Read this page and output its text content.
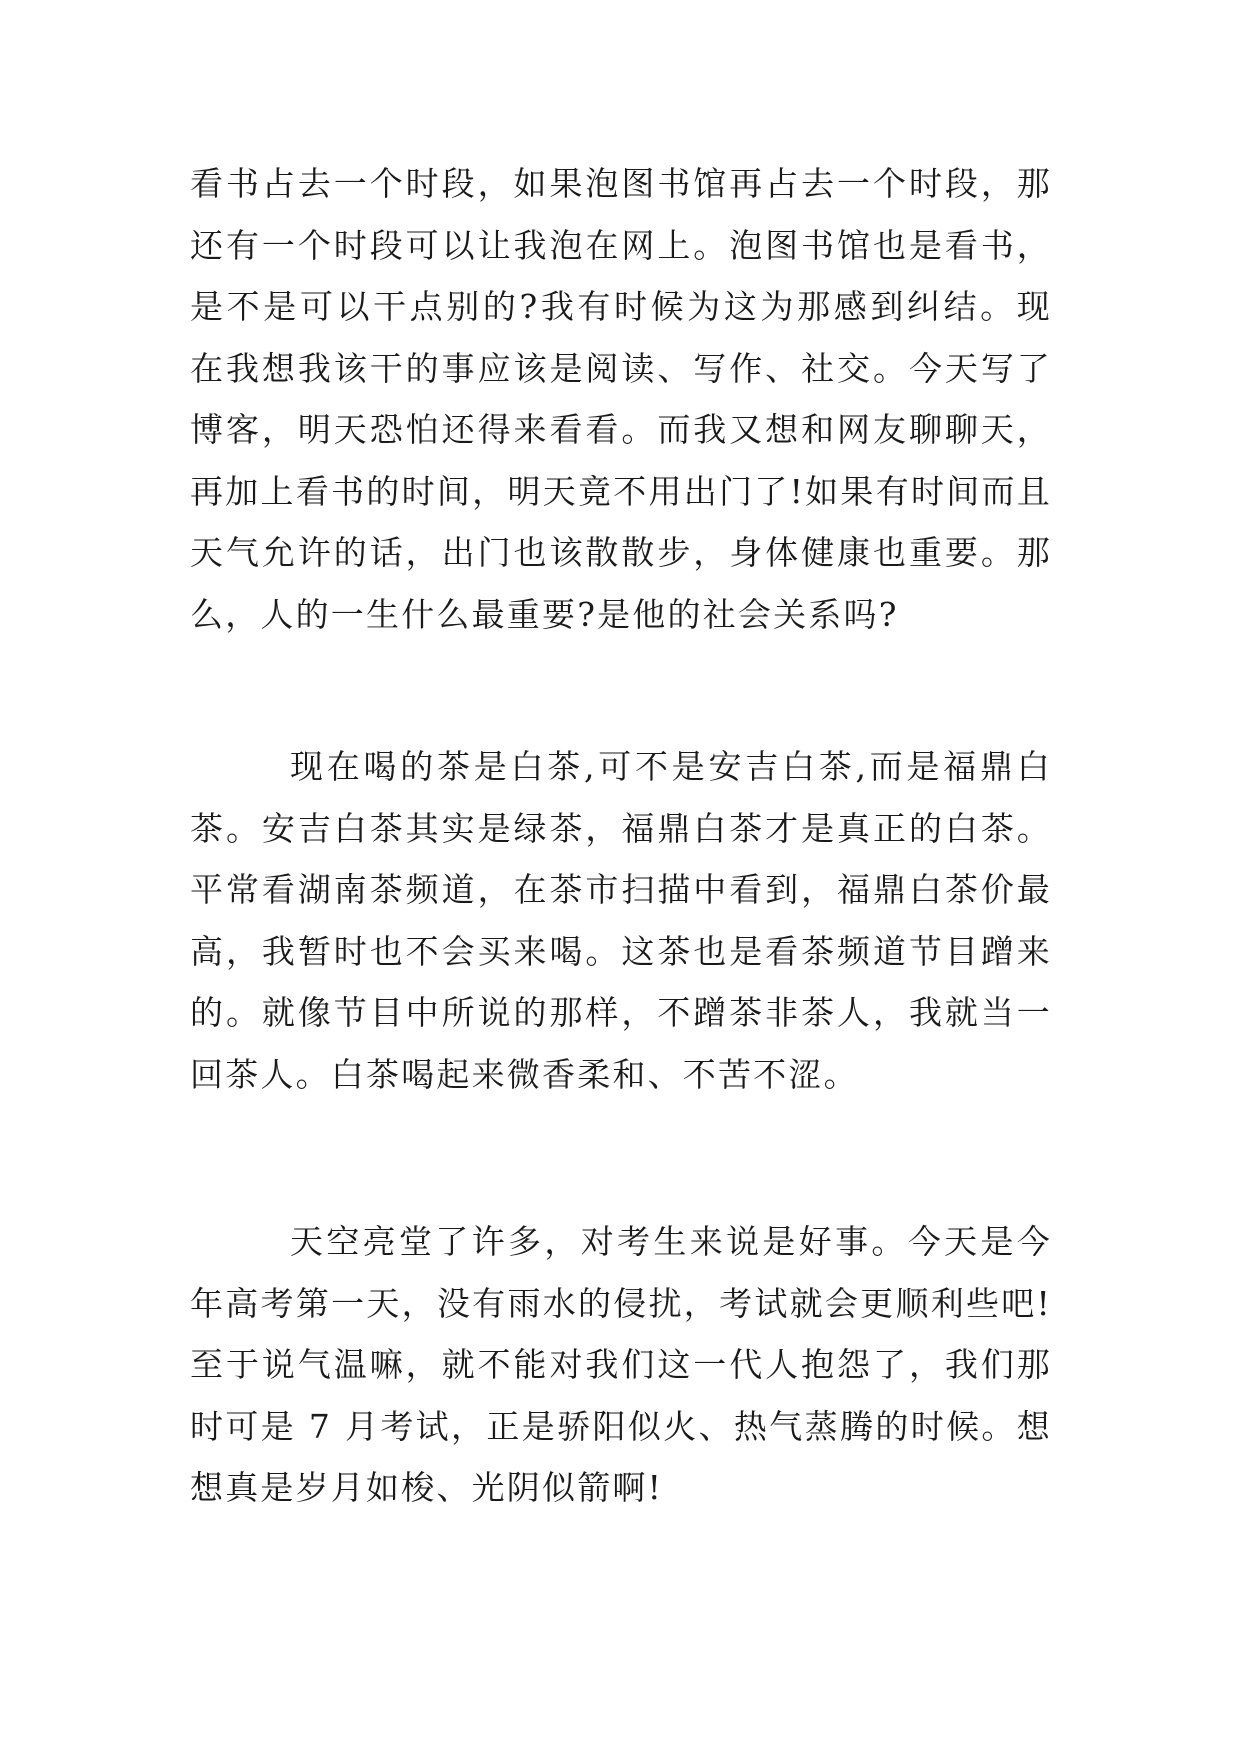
看书占去一个时段，如果泡图书馆再占去一个时段，那还有一个时段可以让我泡在网上。泡图书馆也是看书，是不是可以干点别的?我有时候为这为那感到纠结。现在我想我该干的事应该是阅读、写作、社交。今天写了博客，明天恐怕还得来看看。而我又想和网友聊聊天，再加上看书的时间，明天竟不用出门了!如果有时间而且天气允许的话，出门也该散散步，身体健康也重要。那么，人的一生什么最重要?是他的社会关系吗?

现在喝的茶是白茶,可不是安吉白茶,而是福鼎白茶。安吉白茶其实是绿茶，福鼎白茶才是真正的白茶。平常看湖南茶频道，在茶市扫描中看到，福鼎白茶价最高，我暂时也不会买来喝。这茶也是看茶频道节目蹭来的。就像节目中所说的那样，不蹭茶非茶人，我就当一回茶人。白茶喝起来微香柔和、不苦不涩。

天空亮堂了许多，对考生来说是好事。今天是今年高考第一天，没有雨水的侵扰，考试就会更顺利些吧!至于说气温嘛，就不能对我们这一代人抱怨了，我们那时可是 7 月考试，正是骄阳似火、热气蒸腾的时候。想想真是岁月如梭、光阴似箭啊!
